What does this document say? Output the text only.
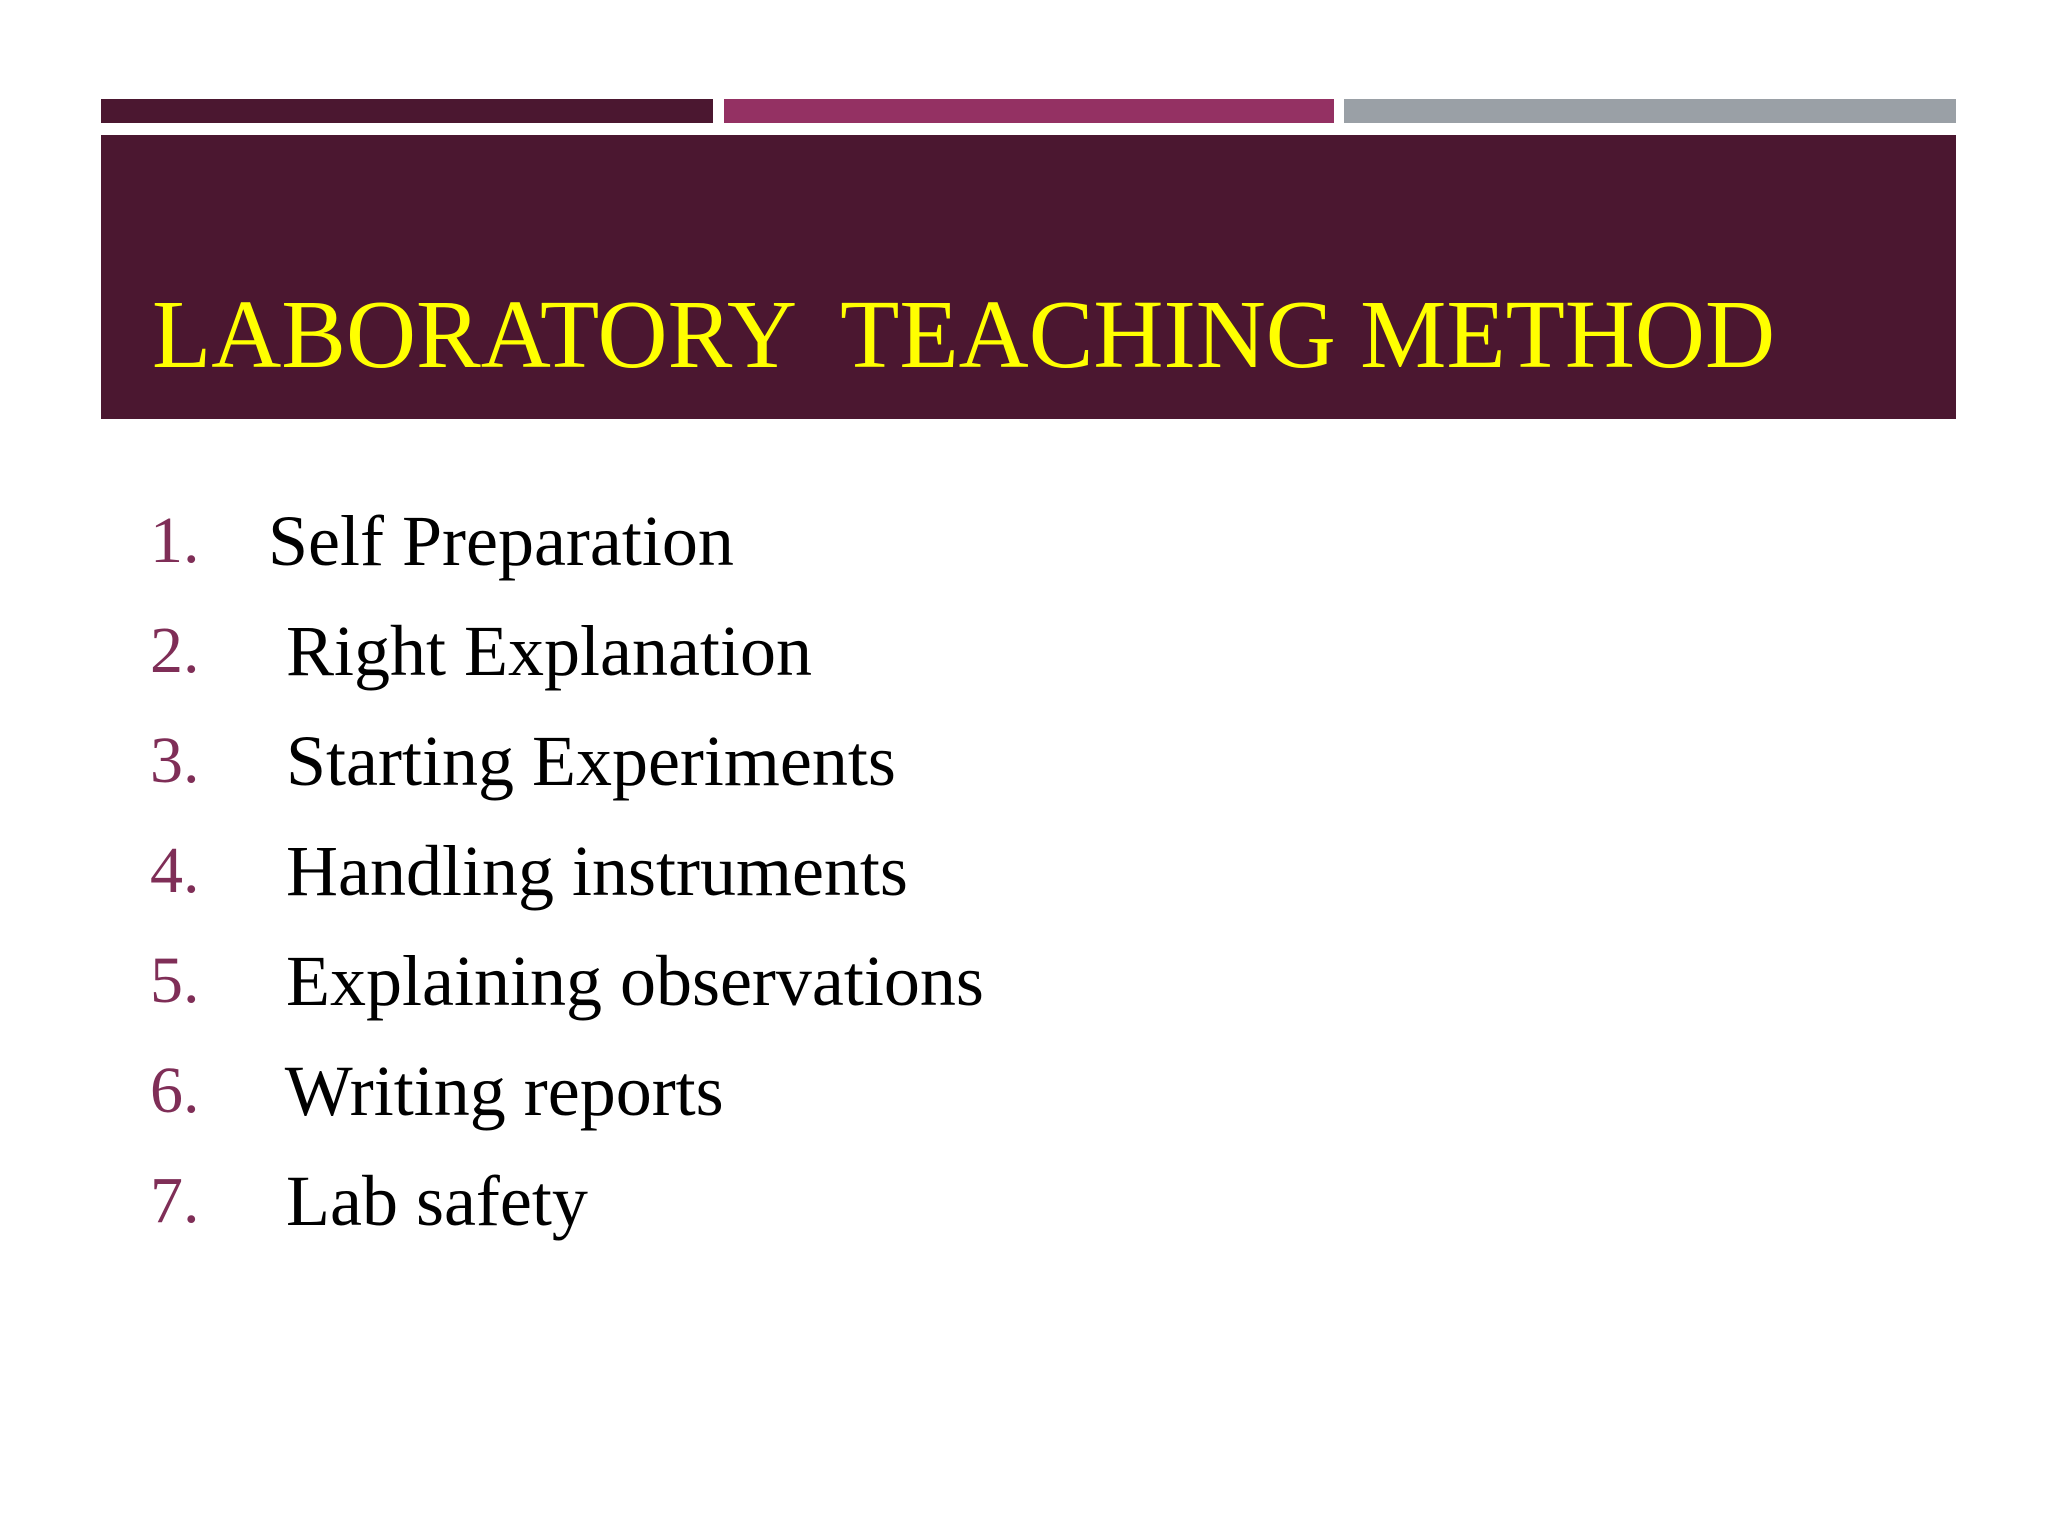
LABORATORY  TEACHING METHOD
1. Self Preparation
2. Right Explanation
3. Starting Experiments
4. Handling instruments
5. Explaining observations
6. Writing reports
7. Lab safety
